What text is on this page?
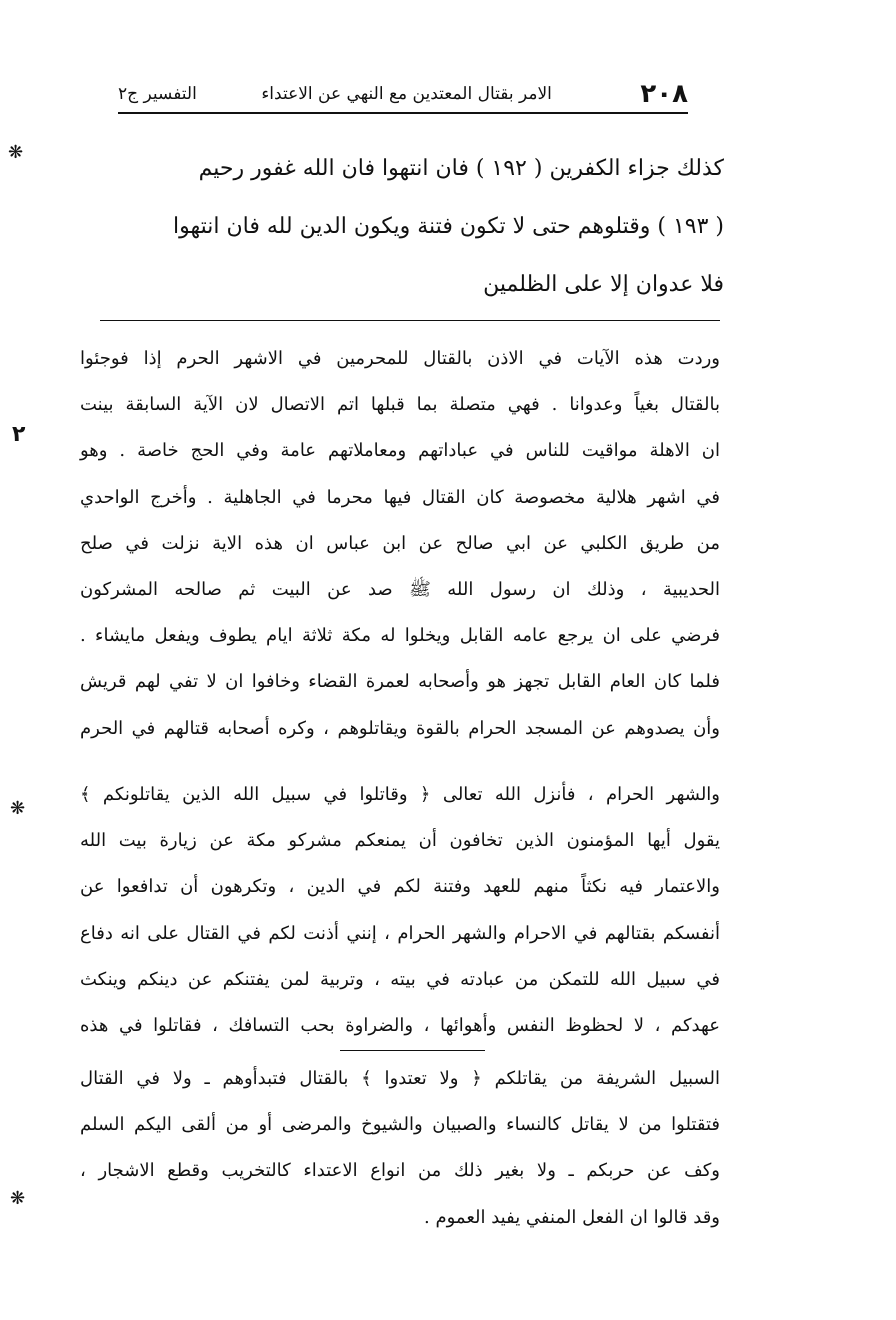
٢٠٨
الامر بقتال المعتدين مع النهي عن الاعتداء
التفسير ج٢

كذلك جزاء الكفرين ( ١٩٢ ) فان انتهوا فان الله غفور رحيم

( ١٩٣ ) وقتلوهم حتى لا تكون فتنة ويكون الدين لله فان انتهوا

فلا عدوان إلا على الظلمين

وردت هذه الآيات في الاذن بالقتال للمحرمين في الاشهر الحرم إذا فوجئوا

بالقتال بغياً وعدوانا . فهي متصلة بما قبلها اتم الاتصال لان الآية السابقة بينت

ان الاهلة مواقيت للناس في عباداتهم ومعاملاتهم عامة وفي الحج خاصة . وهو

في اشهر هلالية مخصوصة كان القتال فيها محرما في الجاهلية . وأخرج الواحدي

من طريق الكلبي عن ابي صالح عن ابن عباس ان هذه الاية نزلت في صلح

الحديبية ، وذلك ان رسول الله ﷺ صد عن البيت ثم صالحه المشركون

فرضي على ان يرجع عامه القابل ويخلوا له مكة ثلاثة ايام يطوف ويفعل مايشاء .

فلما كان العام القابل تجهز هو وأصحابه لعمرة القضاء وخافوا ان لا تفي لهم قريش

وأن يصدوهم عن المسجد الحرام بالقوة ويقاتلوهم ، وكره أصحابه قتالهم في الحرم

والشهر الحرام ، فأنزل الله تعالى ﴿ وقاتلوا في سبيل الله الذين يقاتلونكم ﴾

يقول أيها المؤمنون الذين تخافون أن يمنعكم مشركو مكة عن زيارة بيت الله

والاعتمار فيه نكثاً منهم للعهد وفتنة لكم في الدين ، وتكرهون أن تدافعوا عن

أنفسكم بقتالهم في الاحرام والشهر الحرام ، إنني أذنت لكم في القتال على انه دفاع

في سبيل الله للتمكن من عبادته في بيته ، وتربية لمن يفتنكم عن دينكم وينكث

عهدكم ، لا لحظوظ النفس وأهوائها ، والضراوة بحب التسافك ، فقاتلوا في هذه

السبيل الشريفة من يقاتلكم ﴿ ولا تعتدوا ﴾ بالقتال فتبدأوهم ـ ولا في القتال

فتقتلوا من لا يقاتل كالنساء والصبيان والشيوخ والمرضى أو من ألقى اليكم السلم

وكف عن حربكم ـ ولا بغير ذلك من انواع الاعتداء كالتخريب وقطع الاشجار ،

وقد قالوا ان الفعل المنفي يفيد العموم .

❋
٢
❋
❋
